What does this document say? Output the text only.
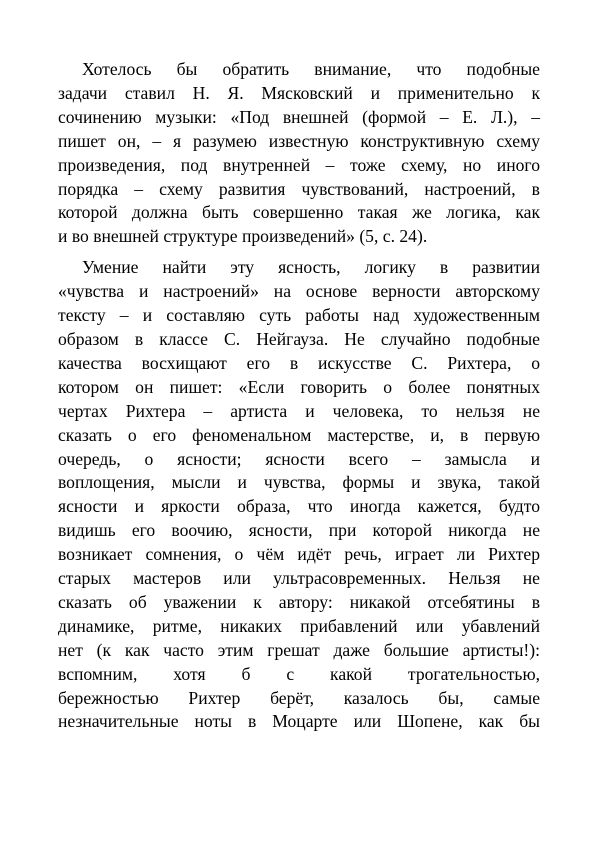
Хотелось бы обратить внимание, что подобные
задачи ставил Н. Я. Мясковский и применительно к
сочинению музыки: «Под внешней (формой – Е. Л.), –
пишет он, – я разумею известную конструктивную схему
произведения, под внутренней – тоже схему, но иного
порядка – схему развития чувствований, настроений, в
которой должна быть совершенно такая же логика, как
и во внешней структуре произведений» (5, с. 24).

Умение найти эту ясность, логику в развитии
«чувства и настроений» на основе верности авторскому
тексту – и составляю суть работы над художественным
образом в классе С. Нейгауза. Не случайно подобные
качества восхищают его в искусстве С. Рихтера, о
котором он пишет: «Если говорить о более понятных
чертах Рихтера – артиста и человека, то нельзя не
сказать о его феноменальном мастерстве, и, в первую
очередь, о ясности; ясности всего – замысла и
воплощения, мысли и чувства, формы и звука, такой
ясности и яркости образа, что иногда кажется, будто
видишь его воочию, ясности, при которой никогда не
возникает сомнения, о чём идёт речь, играет ли Рихтер
старых мастеров или ультрасовременных. Нельзя не
сказать об уважении к автору: никакой отсебятины в
динамике, ритме, никаких прибавлений или убавлений
нет (к как часто этим грешат даже большие артисты!):
вспомним, хотя б с какой трогательностью,
бережностью Рихтер берёт, казалось бы, самые
незначительные ноты в Моцарте или Шопене, как бы
